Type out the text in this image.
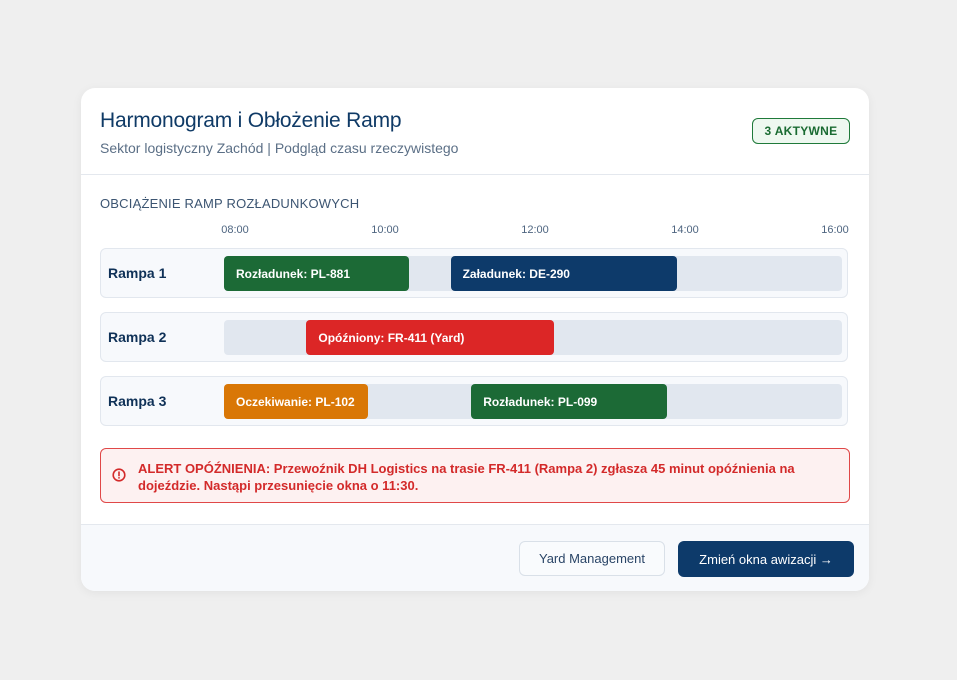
Harmonogram i Obłożenie Ramp
Sektor logistyczny Zachód | Podgląd czasu rzeczywistego
3 AKTYWNE
OBCIĄŻENIE RAMP ROZŁADUNKOWYCH
08:00	10:00	12:00	14:00	16:00
Rampa 1	Rozładunek: PL-881	Załadunek: DE-290
Rampa 2	Opóźniony: FR-411 (Yard)
Rampa 3	Oczekiwanie: PL-102	Rozładunek: PL-099
ALERT OPÓŹNIENIA: Przewoźnik DH Logistics na trasie FR-411 (Rampa 2) zgłasza 45 minut opóźnienia na dojeździe. Nastąpi przesunięcie okna o 11:30.
Yard Management	Zmień okna awizacji →
